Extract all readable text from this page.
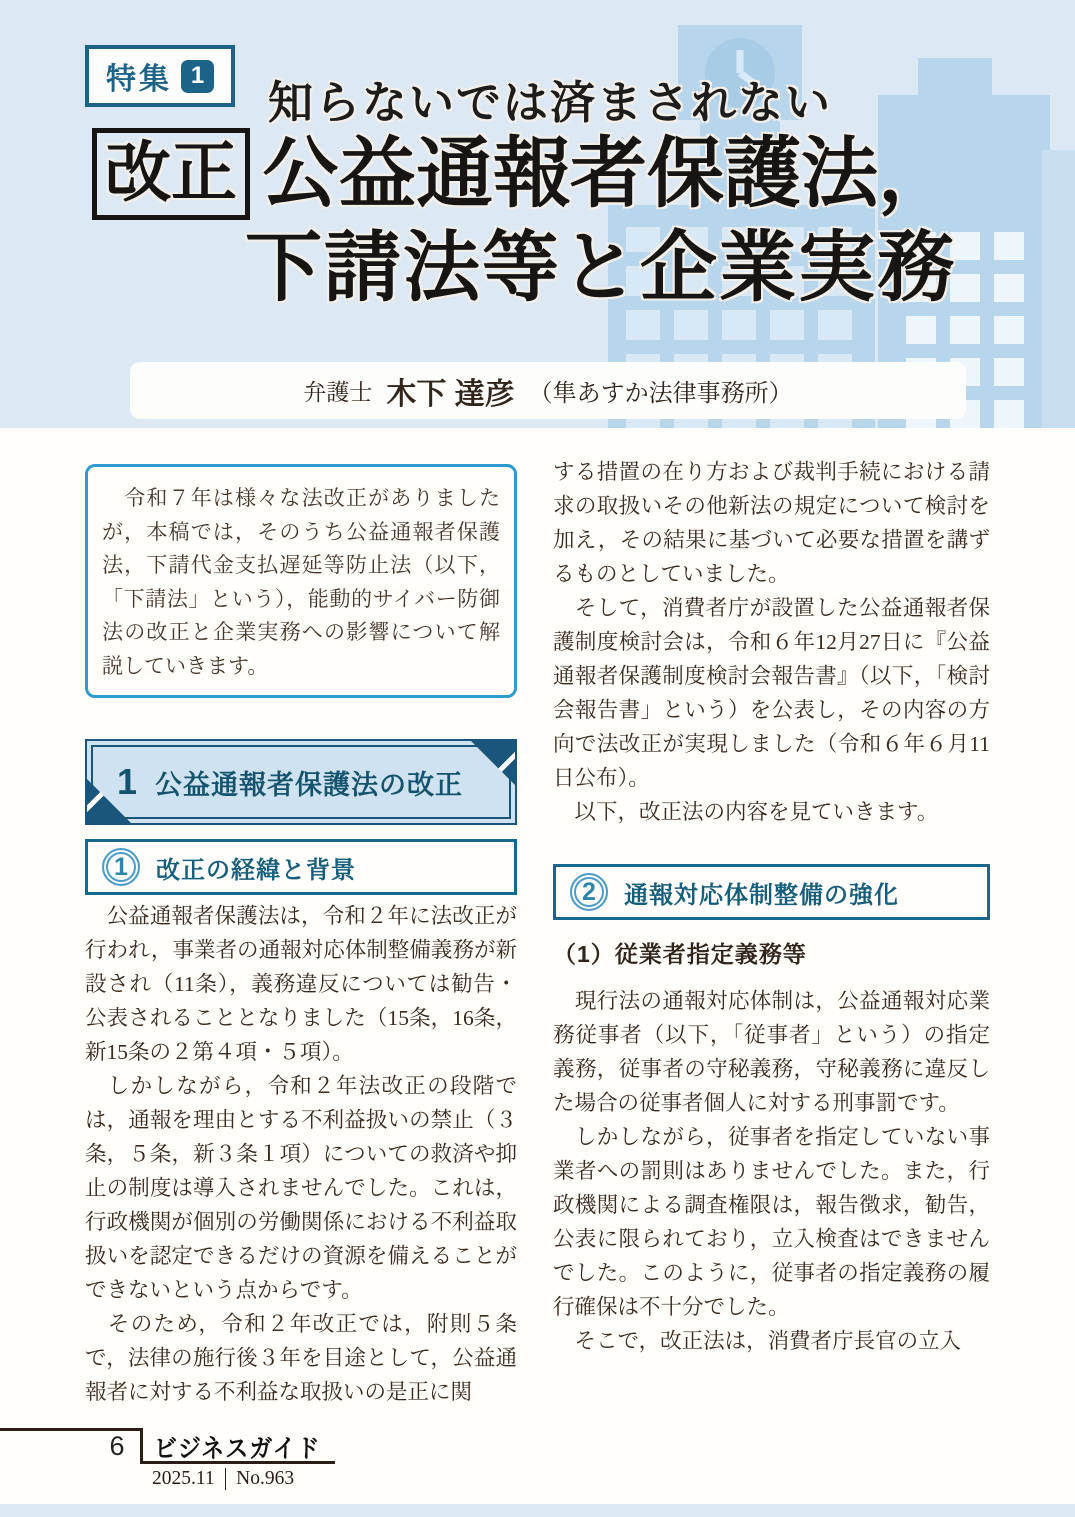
特集 1
知らないでは済まされない
改正 公益通報者保護法，
下請法等と企業実務
弁護士 木下 達彦 （隼あすか法律事務所）
　令和７年は様々な法改正がありましたが，本稿では，そのうち公益通報者保護法，下請代金支払遅延等防止法（以下，「下請法」という），能動的サイバー防御法の改正と企業実務への影響について解説していきます。
1 公益通報者保護法の改正
1	改正の経緯と背景

　公益通報者保護法は，令和２年に法改正が行われ，事業者の通報対応体制整備義務が新設され（11条），義務違反については勧告・公表されることとなりました（15条，16条，新15条の２第４項・５項）。

　しかしながら，令和２年法改正の段階では，通報を理由とする不利益扱いの禁止（３条，５条，新３条１項）についての救済や抑止の制度は導入されませんでした。これは，行政機関が個別の労働関係における不利益取扱いを認定できるだけの資源を備えることができないという点からです。

　そのため，令和２年改正では，附則５条で，法律の施行後３年を目途として，公益通報者に対する不利益な取扱いの是正に関

する措置の在り方および裁判手続における請求の取扱いその他新法の規定について検討を加え，その結果に基づいて必要な措置を講ずるものとしていました。

　そして，消費者庁が設置した公益通報者保護制度検討会は，令和６年12月27日に『公益通報者保護制度検討会報告書』（以下，「検討会報告書」という）を公表し，その内容の方向で法改正が実現しました（令和６年６月11日公布）。

　以下，改正法の内容を見ていきます。

2	通報対応体制整備の強化
（1）従業者指定義務等

　現行法の通報対応体制は，公益通報対応業務従事者（以下，「従事者」という）の指定義務，従事者の守秘義務，守秘義務に違反した場合の従事者個人に対する刑事罰です。

　しかしながら，従事者を指定していない事業者への罰則はありませんでした。また，行政機関による調査権限は，報告徴求，勧告，公表に限られており，立入検査はできませんでした。このように，従事者の指定義務の履行確保は不十分でした。

　そこで，改正法は，消費者庁長官の立入

6	ビジネスガイド
2025.11 No.963
